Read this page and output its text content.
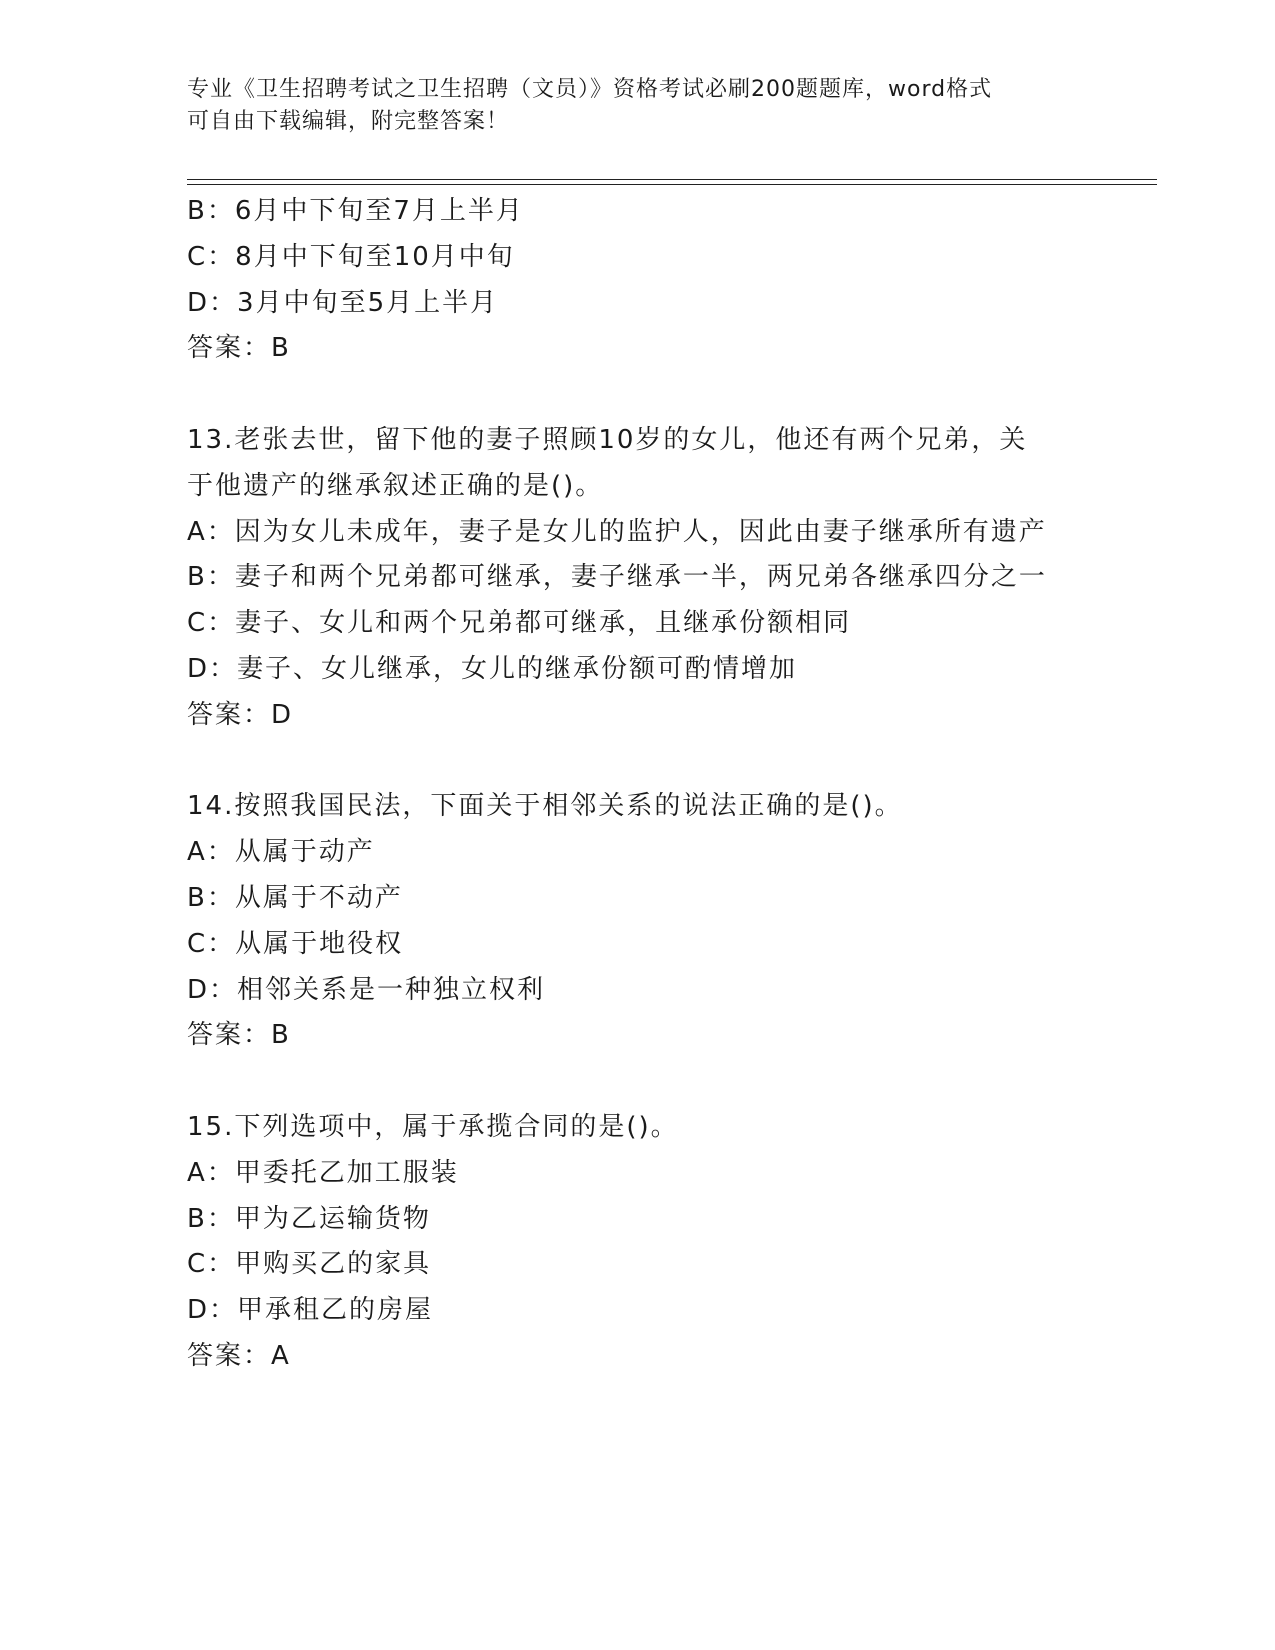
专业《卫生招聘考试之卫生招聘（文员）》资格考试必刷200题题库，word格式
可自由下载编辑，附完整答案！
B：6月中下旬至7月上半月
C：8月中下旬至10月中旬
D：3月中旬至5月上半月
答案：B
13.老张去世，留下他的妻子照顾10岁的女儿，他还有两个兄弟，关
于他遗产的继承叙述正确的是()。
A：因为女儿未成年，妻子是女儿的监护人，因此由妻子继承所有遗产
B：妻子和两个兄弟都可继承，妻子继承一半，两兄弟各继承四分之一
C：妻子、女儿和两个兄弟都可继承，且继承份额相同
D：妻子、女儿继承，女儿的继承份额可酌情增加
答案：D
14.按照我国民法，下面关于相邻关系的说法正确的是()。
A：从属于动产
B：从属于不动产
C：从属于地役权
D：相邻关系是一种独立权利
答案：B
15.下列选项中，属于承揽合同的是()。
A：甲委托乙加工服装
B：甲为乙运输货物
C：甲购买乙的家具
D：甲承租乙的房屋
答案：A
